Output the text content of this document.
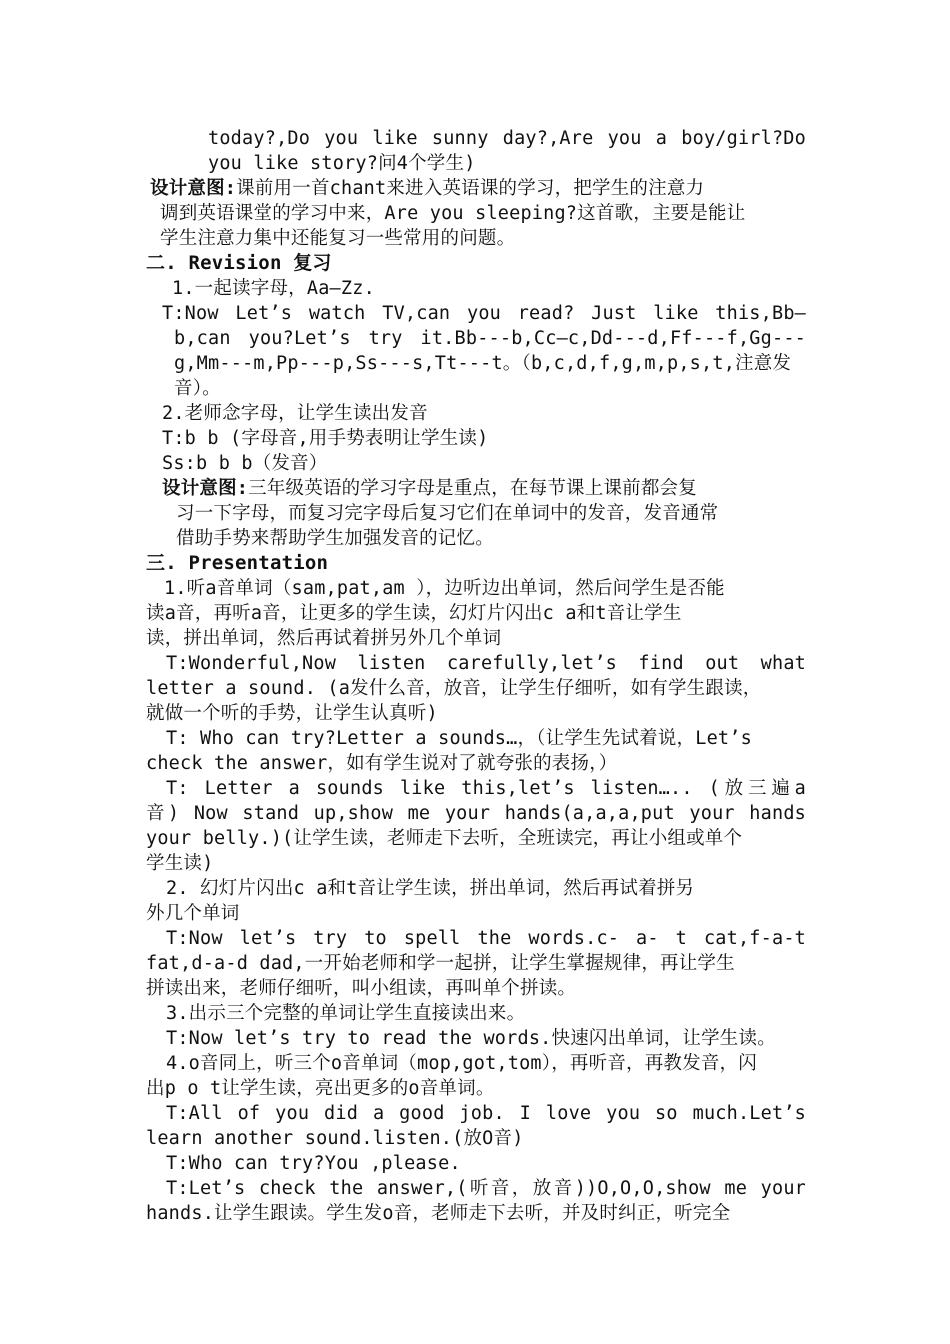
today?,Do you like sunny day?,Are you a boy/girl?Do
you like story?问4个学生)
设计意图:课前用一首chant来进入英语课的学习，把学生的注意力
调到英语课堂的学习中来，Are you sleeping?这首歌，主要是能让
学生注意力集中还能复习一些常用的问题。
二. Revision 复习
1.一起读字母，Aa—Zz.
T:Now Let’s watch TV,can you read? Just like this,Bb—
b,can you?Let’s try it.Bb---b,Cc—c,Dd---d,Ff---f,Gg---
g,Mm---m,Pp---p,Ss---s,Tt---t。（b,c,d,f,g,m,p,s,t,注意发
音）。
2.老师念字母，让学生读出发音
T:b b (字母音,用手势表明让学生读)
Ss:b b b（发音）
设计意图:三年级英语的学习字母是重点，在每节课上课前都会复
习一下字母，而复习完字母后复习它们在单词中的发音，发音通常
借助手势来帮助学生加强发音的记忆。
三. Presentation
1.听a音单词（sam,pat,am ），边听边出单词，然后问学生是否能
读a音，再听a音，让更多的学生读，幻灯片闪出c a和t音让学生
读，拼出单词，然后再试着拼另外几个单词
T:Wonderful,Now listen carefully,let’s find out what
letter a sound. (a发什么音，放音，让学生仔细听，如有学生跟读，
就做一个听的手势，让学生认真听)
T: Who can try?Letter a sounds…，（让学生先试着说，Let’s
check the answer，如有学生说对了就夸张的表扬，）
T: Letter a sounds like this,let’s listen….. (放三遍a
音) Now stand up,show me your hands(a,a,a,put your hands
your belly.)(让学生读，老师走下去听，全班读完，再让小组或单个
学生读)
2. 幻灯片闪出c a和t音让学生读，拼出单词，然后再试着拼另
外几个单词
T:Now let’s try to spell the words.c- a- t cat,f-a-t
fat,d-a-d dad,一开始老师和学一起拼，让学生掌握规律，再让学生
拼读出来，老师仔细听，叫小组读，再叫单个拼读。
3.出示三个完整的单词让学生直接读出来。
T:Now let’s try to read the words.快速闪出单词，让学生读。
4.o音同上，听三个o音单词（mop,got,tom），再听音，再教发音，闪
出p o t让学生读，亮出更多的o音单词。
T:All of you did a good job. I love you so much.Let’s
learn another sound.listen.(放O音)
T:Who can try?You ,please.
T:Let’s check the answer,(听音，放音))O,O,O,show me your
hands.让学生跟读。学生发o音，老师走下去听，并及时纠正，听完全
